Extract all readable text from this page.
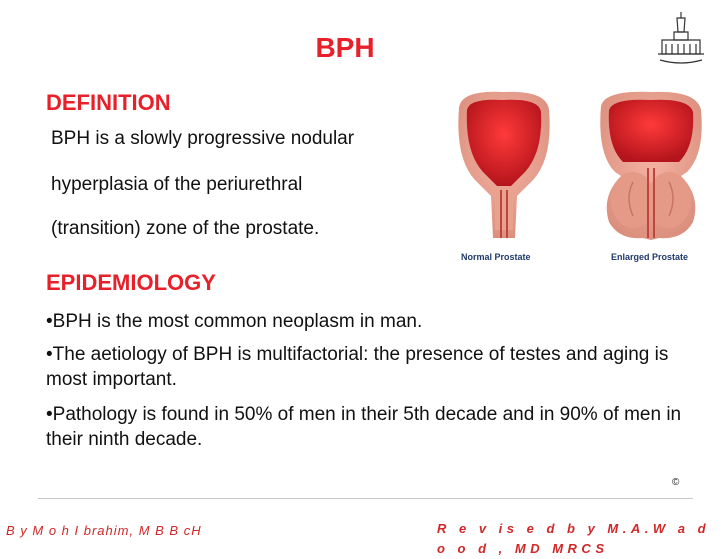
BPH
DEFINITION
BPH is a slowly progressive nodular
hyperplasia of the periurethral
(transition) zone of the prostate.
Normal Prostate	Enlarged Prostate
EPIDEMIOLOGY
•BPH is the most common neoplasm in man.
•The aetiology of BPH is multifactorial: the presence of testes and aging is most important.
•Pathology is found in 50% of men in their 5th decade and in 90% of men in their ninth decade.
©
B y M o h I brahim, M B B cH	R e v is e d b y M.A.W a d o o d , MD MRCS
